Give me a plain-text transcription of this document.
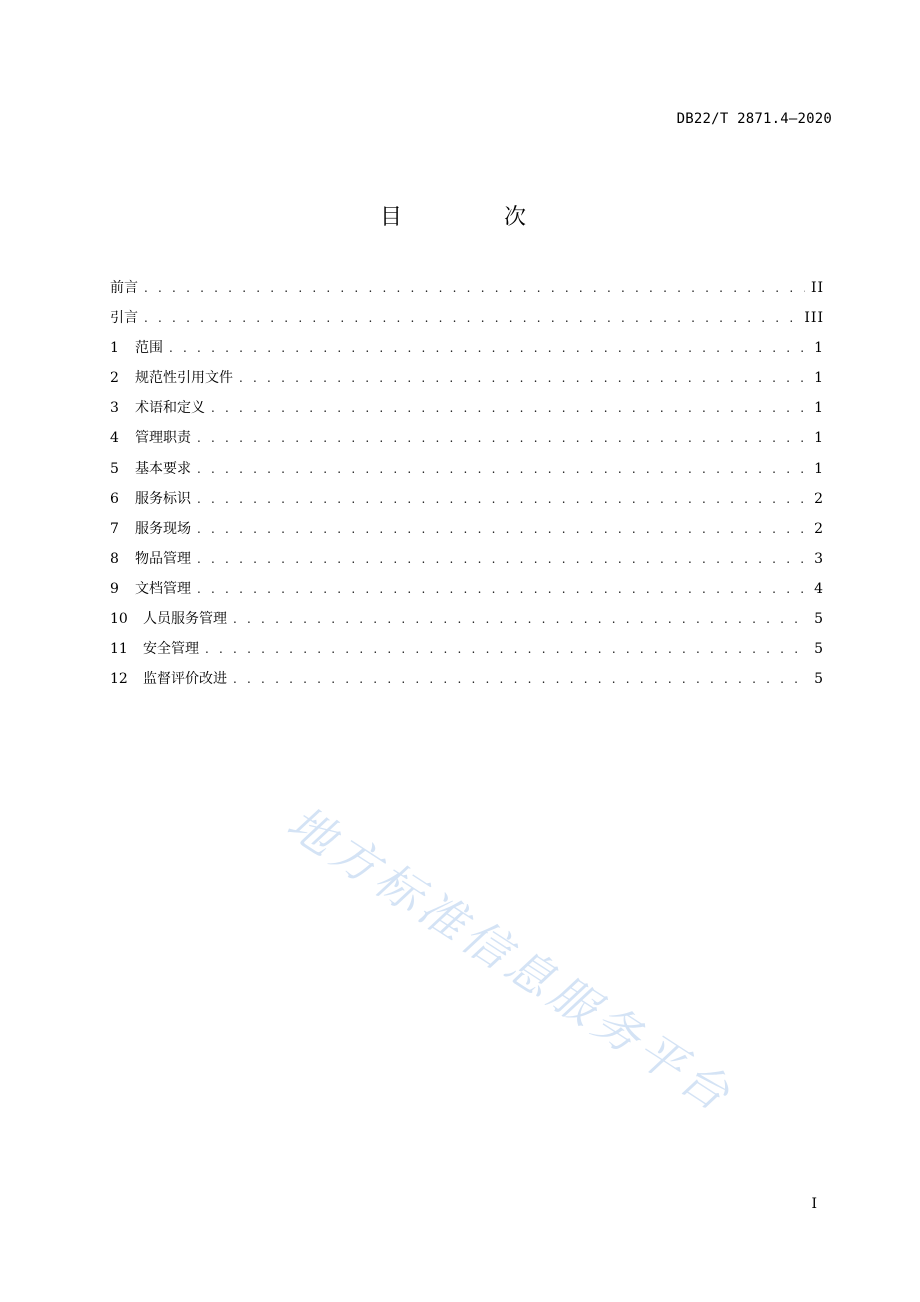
DB22/T 2871.4—2020
目　次
前言 . . .	II
引言 . . .	III
1	范围 . . .	1
2	规范性引用文件 . . .	1
3	术语和定义 . . .	1
4	管理职责 . . .	1
5	基本要求 . . .	1
6	服务标识 . . .	2
7	服务现场 . . .	2
8	物品管理 . . .	3
9	文档管理 . . .	4
10	人员服务管理 . . .	5
11	安全管理 . . .	5
12	监督评价改进 . . .	5
地方标准信息服务平台
I
